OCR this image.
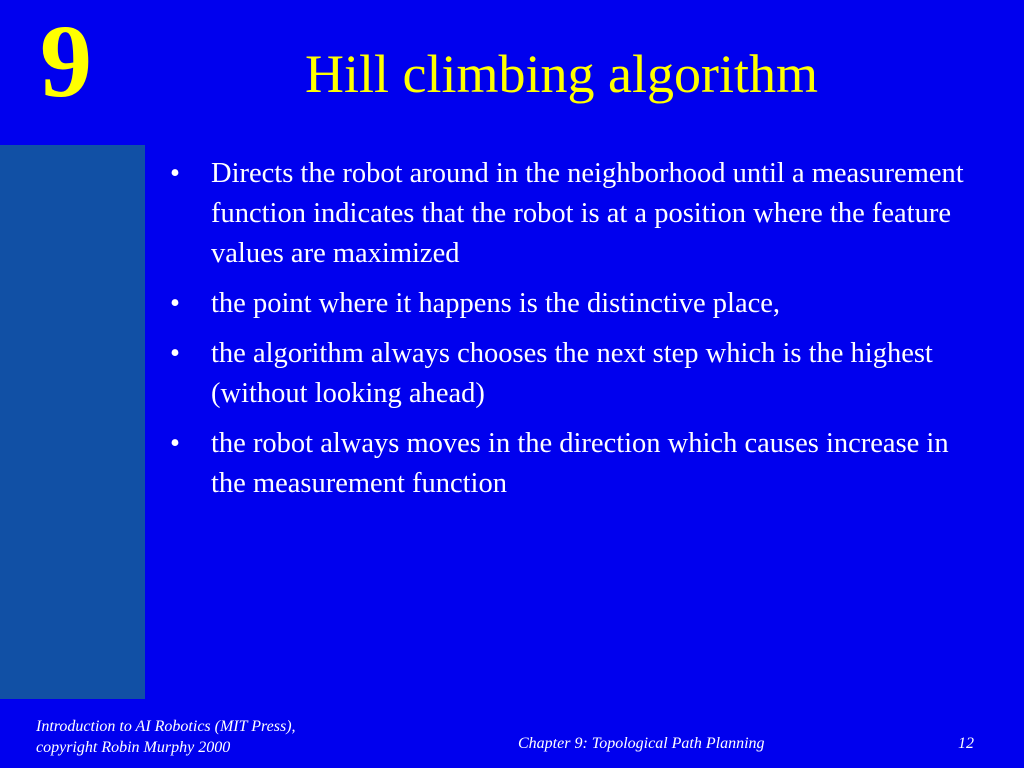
9	Hill climbing algorithm
• Directs the robot around in the neighborhood until a measurement function indicates that the robot is at a position where the feature values are maximized
• the point where it happens is the distinctive place,
• the algorithm always chooses the next step which is the highest (without looking ahead)
• the robot always moves in the direction which causes increase in the measurement function
Introduction to AI Robotics (MIT Press),
copyright Robin Murphy 2000	Chapter 9: Topological Path Planning	12
